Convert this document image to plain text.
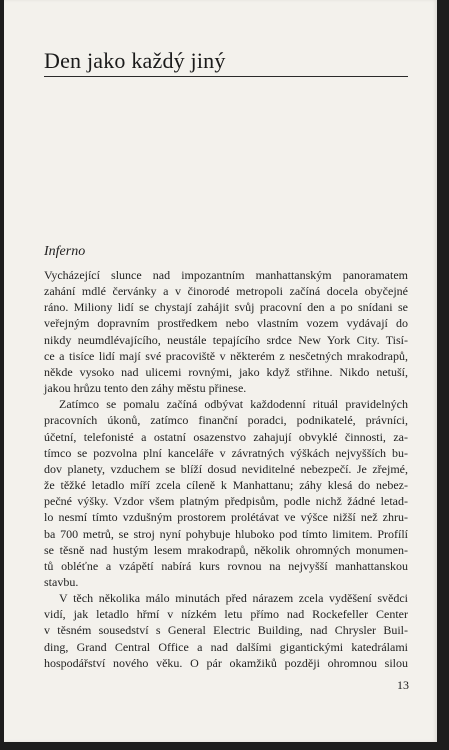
Den jako každý jiný
Inferno

Vycházející slunce nad impozantním manhattanským panoramatem
zahání mdlé červánky a v činorodé metropoli začíná docela obyčejné
ráno. Miliony lidí se chystají zahájit svůj pracovní den a po snídani se
veřejným dopravním prostředkem nebo vlastním vozem vydávají do
nikdy neumdlévajícího, neustále tepajícího srdce New York City. Tisí-
ce a tisíce lidí mají své pracoviště v některém z nesčetných mrakodrapů,
někde vysoko nad ulicemi rovnými, jako když střihne. Nikdo netuší,
jakou hrůzu tento den záhy městu přinese.

Zatímco se pomalu začíná odbývat každodenní rituál pravidelných
pracovních úkonů, zatímco finanční poradci, podnikatelé, právníci,
účetní, telefonisté a ostatní osazenstvo zahajují obvyklé činnosti, za-
tímco se pozvolna plní kanceláře v závratných výškách nejvyšších bu-
dov planety, vzduchem se blíží dosud neviditelné nebezpečí. Je zřejmé,
že těžké letadlo míří zcela cíleně k Manhattanu; záhy klesá do nebez-
pečné výšky. Vzdor všem platným předpisům, podle nichž žádné letad-
lo nesmí tímto vzdušným prostorem prolétávat ve výšce nižší než zhru-
ba 700 metrů, se stroj nyní pohybuje hluboko pod tímto limitem. Profílí
se těsně nad hustým lesem mrakodrapů, několik ohromných monumen-
tů obléťne a vzápětí nabírá kurs rovnou na nejvyšší manhattanskou
stavbu.

V těch několika málo minutách před nárazem zcela vyděšení svědci
vidí, jak letadlo hřmí v nízkém letu přímo nad Rockefeller Center
v těsném sousedství s General Electric Building, nad Chrysler Buil-
ding, Grand Central Office a nad dalšími gigantickými katedrálami
hospodářství nového věku. O pár okamžiků později ohromnou silou

13
